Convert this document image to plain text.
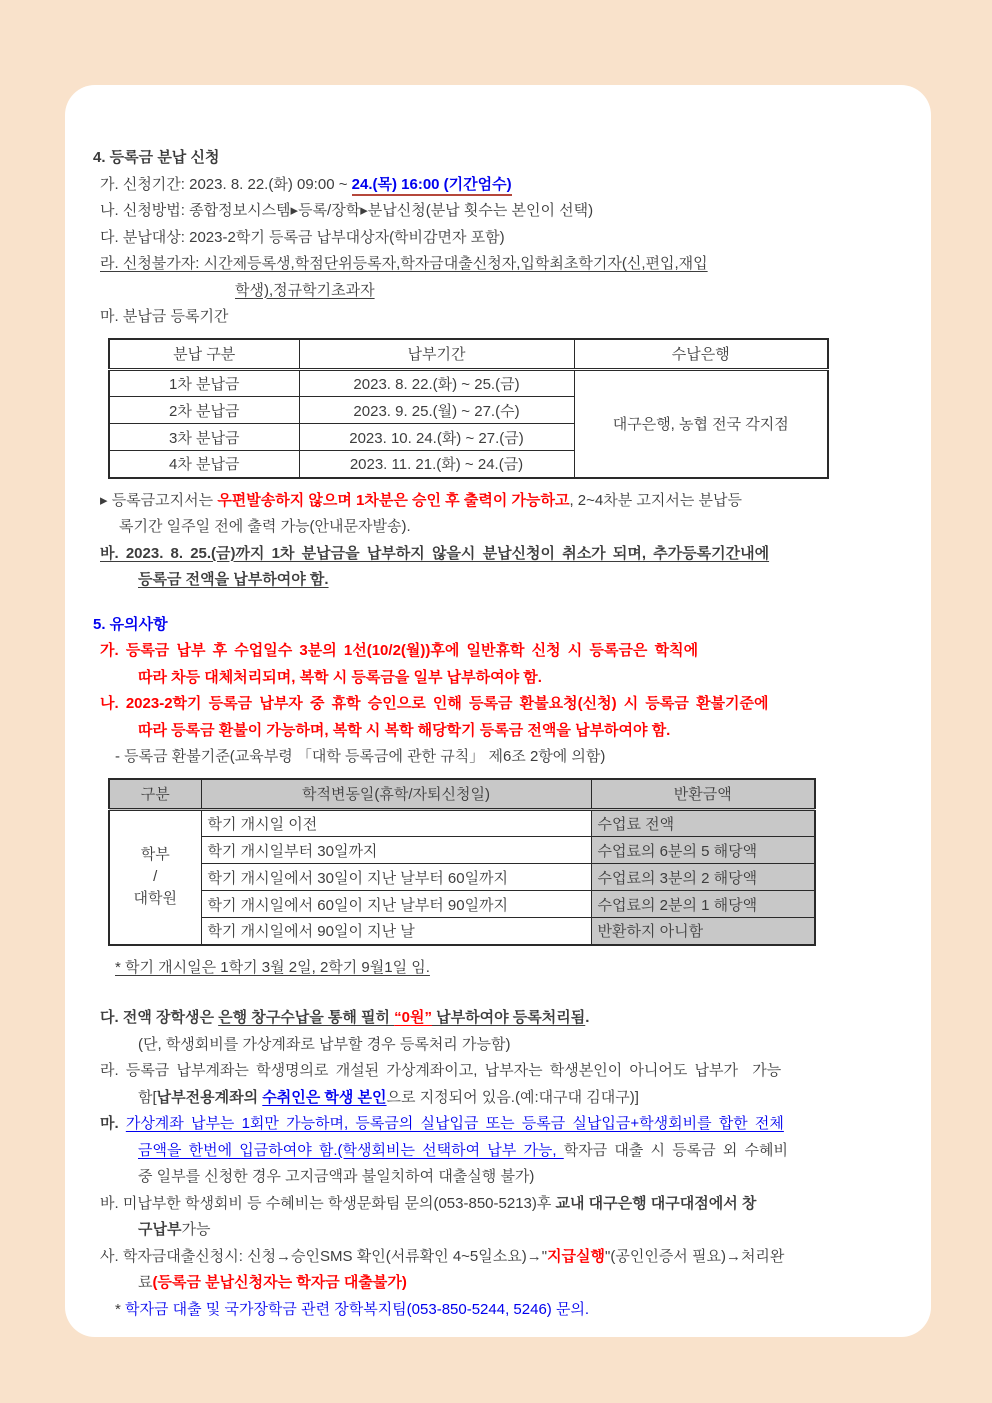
4. 등록금 분납 신청
가. 신청기간: 2023. 8. 22.(화) 09:00 ~ 24.(목) 16:00 (기간엄수)
나. 신청방법: 종합정보시스템▸등록/장학▸분납신청(분납 횟수는 본인이 선택)
다. 분납대상: 2023-2학기 등록금 납부대상자(학비감면자 포함)
라. 신청불가자: 시간제등록생,학점단위등록자,학자금대출신청자,입학최초학기자(신,편입,재입
학생),정규학기초과자
마. 분납금 등록기간
분납 구분	납부기간	수납은행
1차 분납금	2023. 8. 22.(화) ~ 25.(금)	대구은행, 농협 전국 각지점
2차 분납금	2023. 9. 25.(월) ~ 27.(수)	
3차 분납금	2023. 10. 24.(화) ~ 27.(금)	
4차 분납금	2023. 11. 21.(화) ~ 24.(금)	
▸ 등록금고지서는 우편발송하지 않으며 1차분은 승인 후 출력이 가능하고, 2~4차분 고지서는 분납등
록기간 일주일 전에 출력 가능(안내문자발송).
바. 2023. 8. 25.(금)까지 1차 분납금을 납부하지 않을시 분납신청이 취소가 되며, 추가등록기간내에
등록금 전액을 납부하여야 함.
5. 유의사항
가. 등록금 납부 후 수업일수 3분의 1선(10/2(월))후에 일반휴학 신청 시 등록금은 학칙에
따라 차등 대체처리되며, 복학 시 등록금을 일부 납부하여야 함.
나. 2023-2학기 등록금 납부자 중 휴학 승인으로 인해 등록금 환불요청(신청) 시 등록금 환불기준에
따라 등록금 환불이 가능하며, 복학 시 복학 해당학기 등록금 전액을 납부하여야 함.
- 등록금 환불기준(교육부령 「대학 등록금에 관한 규칙」 제6조 2항에 의함)
구분	학적변동일(휴학/자퇴신청일)	반환금액

학부
/
대학원	학기 개시일 이전	수업료 전액
	학기 개시일부터 30일까지	수업료의 6분의 5 해당액
	학기 개시일에서 30일이 지난 날부터 60일까지	수업료의 3분의 2 해당액
	학기 개시일에서 60일이 지난 날부터 90일까지	수업료의 2분의 1 해당액
	학기 개시일에서 90일이 지난 날	반환하지 아니함
* 학기 개시일은 1학기 3월 2일, 2학기 9월1일 임.
다. 전액 장학생은 은행 창구수납을 통해 필히 “0원” 납부하여야 등록처리됨.
(단, 학생회비를 가상계좌로 납부할 경우 등록처리 가능함)
라. 등록금 납부계좌는 학생명의로 개설된 가상계좌이고, 납부자는 학생본인이 아니어도 납부가  가능
함[납부전용계좌의 수취인은 학생 본인으로 지정되어 있음.(예:대구대 김대구)]
마. 가상계좌 납부는 1회만 가능하며, 등록금의 실납입금 또는 등록금 실납입금+학생회비를 합한 전체
금액을 한번에 입금하여야 함.(학생회비는 선택하여 납부 가능, 학자금 대출 시 등록금 외 수혜비
중 일부를 신청한 경우 고지금액과 불일치하여 대출실행 불가)
바. 미납부한 학생회비 등 수혜비는 학생문화팀 문의(053-850-5213)후 교내 대구은행 대구대점에서 창
구납부가능
사. 학자금대출신청시: 신청→승인SMS 확인(서류확인 4~5일소요)→"지급실행"(공인인증서 필요)→처리완
료(등록금 분납신청자는 학자금 대출불가)
* 학자금 대출 및 국가장학금 관련 장학복지팀(053-850-5244, 5246) 문의.
